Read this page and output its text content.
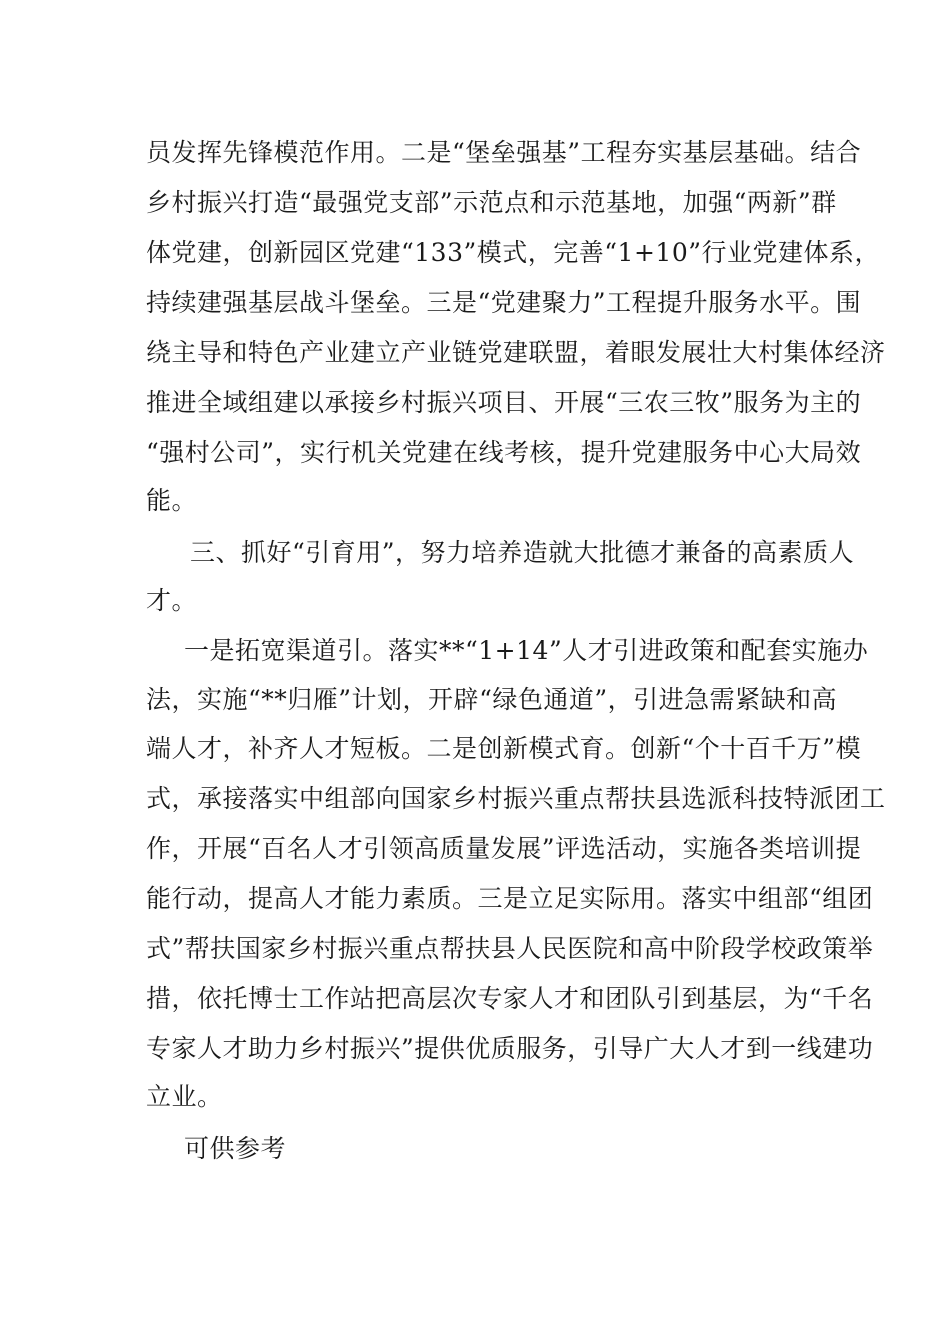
员发挥先锋模范作用。二是“堡垒强基”工程夯实基层基础。结合
乡村振兴打造“最强党支部”示范点和示范基地，加强“两新”群
体党建，创新园区党建“133”模式，完善“1+10”行业党建体系，
持续建强基层战斗堡垒。三是“党建聚力”工程提升服务水平。围
绕主导和特色产业建立产业链党建联盟，着眼发展壮大村集体经济
推进全域组建以承接乡村振兴项目、开展“三农三牧”服务为主的
“强村公司”，实行机关党建在线考核，提升党建服务中心大局效
能。
三、抓好“引育用”，努力培养造就大批德才兼备的高素质人
才。
一是拓宽渠道引。落实**“1+14”人才引进政策和配套实施办
法，实施“**归雁”计划，开辟“绿色通道”，引进急需紧缺和高
端人才，补齐人才短板。二是创新模式育。创新“个十百千万”模
式，承接落实中组部向国家乡村振兴重点帮扶县选派科技特派团工
作，开展“百名人才引领高质量发展”评选活动，实施各类培训提
能行动，提高人才能力素质。三是立足实际用。落实中组部“组团
式”帮扶国家乡村振兴重点帮扶县人民医院和高中阶段学校政策举
措，依托博士工作站把高层次专家人才和团队引到基层，为“千名
专家人才助力乡村振兴”提供优质服务，引导广大人才到一线建功
立业。
可供参考
